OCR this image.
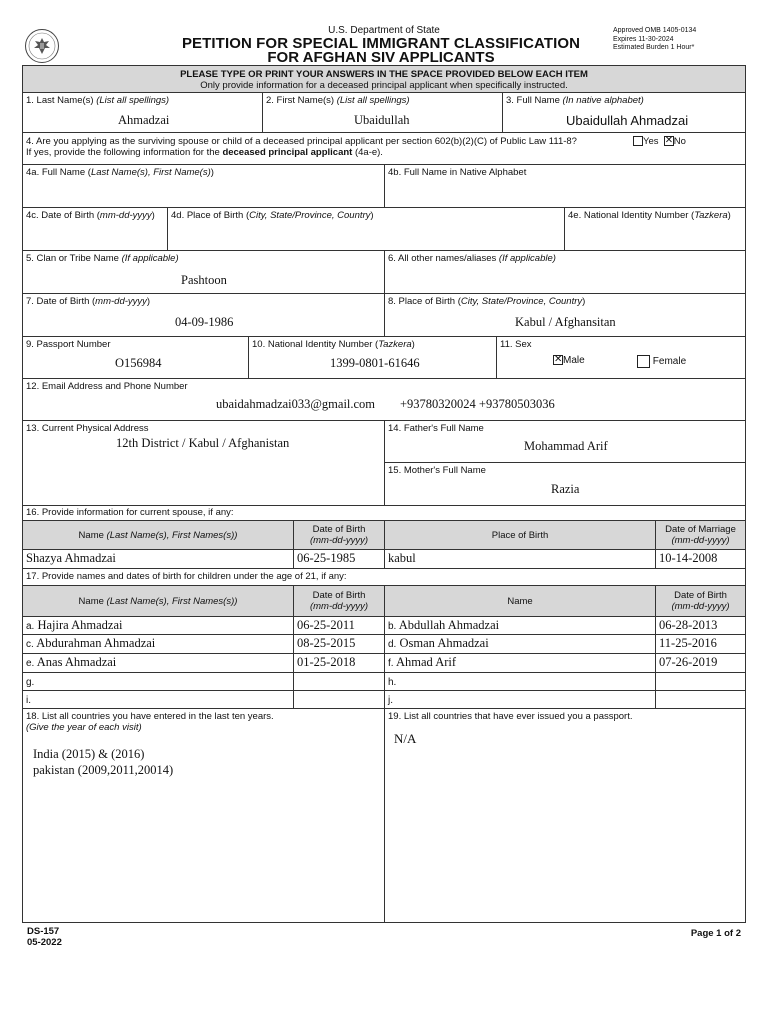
U.S. Department of State
PETITION FOR SPECIAL IMMIGRANT CLASSIFICATION
FOR AFGHAN SIV APPLICANTS
Approved OMB 1405-0134
Expires 11-30-2024
Estimated Burden 1 Hour*
PLEASE TYPE OR PRINT YOUR ANSWERS IN THE SPACE PROVIDED BELOW EACH ITEM
Only provide information for a deceased principal applicant when specifically instructed.
1. Last Name(s) (List all spellings)
Ahmadzai
2. First Name(s) (List all spellings)
Ubaidullah
3. Full Name (In native alphabet)
Ubaidullah Ahmadzai
4. Are you applying as the surviving spouse or child of a deceased principal applicant per section 602(b)(2)(C) of Public Law 111-8?
If yes, provide the following information for the deceased principal applicant (4a-e).
Yes  ✕ No
4a. Full Name (Last Name(s), First Name(s))	4b. Full Name in Native Alphabet
4c. Date of Birth (mm-dd-yyyy)	4d. Place of Birth (City, State/Province, Country)	4e. National Identity Number (Tazkera)
5. Clan or Tribe Name (If applicable)
Pashtoon
6. All other names/aliases (If applicable)
7. Date of Birth (mm-dd-yyyy)
04-09-1986
8. Place of Birth (City, State/Province, Country)
Kabul / Afghansitan
9. Passport Number
O156984
10. National Identity Number (Tazkera)
1399-0801-61646
11. Sex
✕Male	Female
12. Email Address and Phone Number
ubaidahmadzai033@gmail.com +93780320024 +93780503036
13. Current Physical Address
12th District / Kabul / Afghanistan
14. Father's Full Name
Mohammad Arif
15. Mother's Full Name
Razia
16. Provide information for current spouse, if any:
Name (Last Name(s), First Names(s))
Date of Birth
(mm-dd-yyyy)	Place of Birth
Date of Marriage
(mm-dd-yyyy)
Shazya Ahmadzai	06-25-1985	kabul	10-14-2008
17. Provide names and dates of birth for children under the age of 21, if any:
Name (Last Name(s), First Names(s))
Date of Birth
(mm-dd-yyyy)	Name
Date of Birth
(mm-dd-yyyy)
a. Hajira Ahmadzai	06-25-2011	b. Abdullah Ahmadzai	06-28-2013
c. Abdurahman Ahmadzai	08-25-2015	d. Osman Ahmadzai	11-25-2016
e. Anas Ahmadzai	01-25-2018	f. Ahmad Arif	07-26-2019
g.	h.
i.	j.
18. List all countries you have entered in the last ten years.
(Give the year of each visit)
India (2015) & (2016)
pakistan (2009,2011,20014)
19. List all countries that have ever issued you a passport.
N/A
DS-157
05-2022
Page 1 of 2
